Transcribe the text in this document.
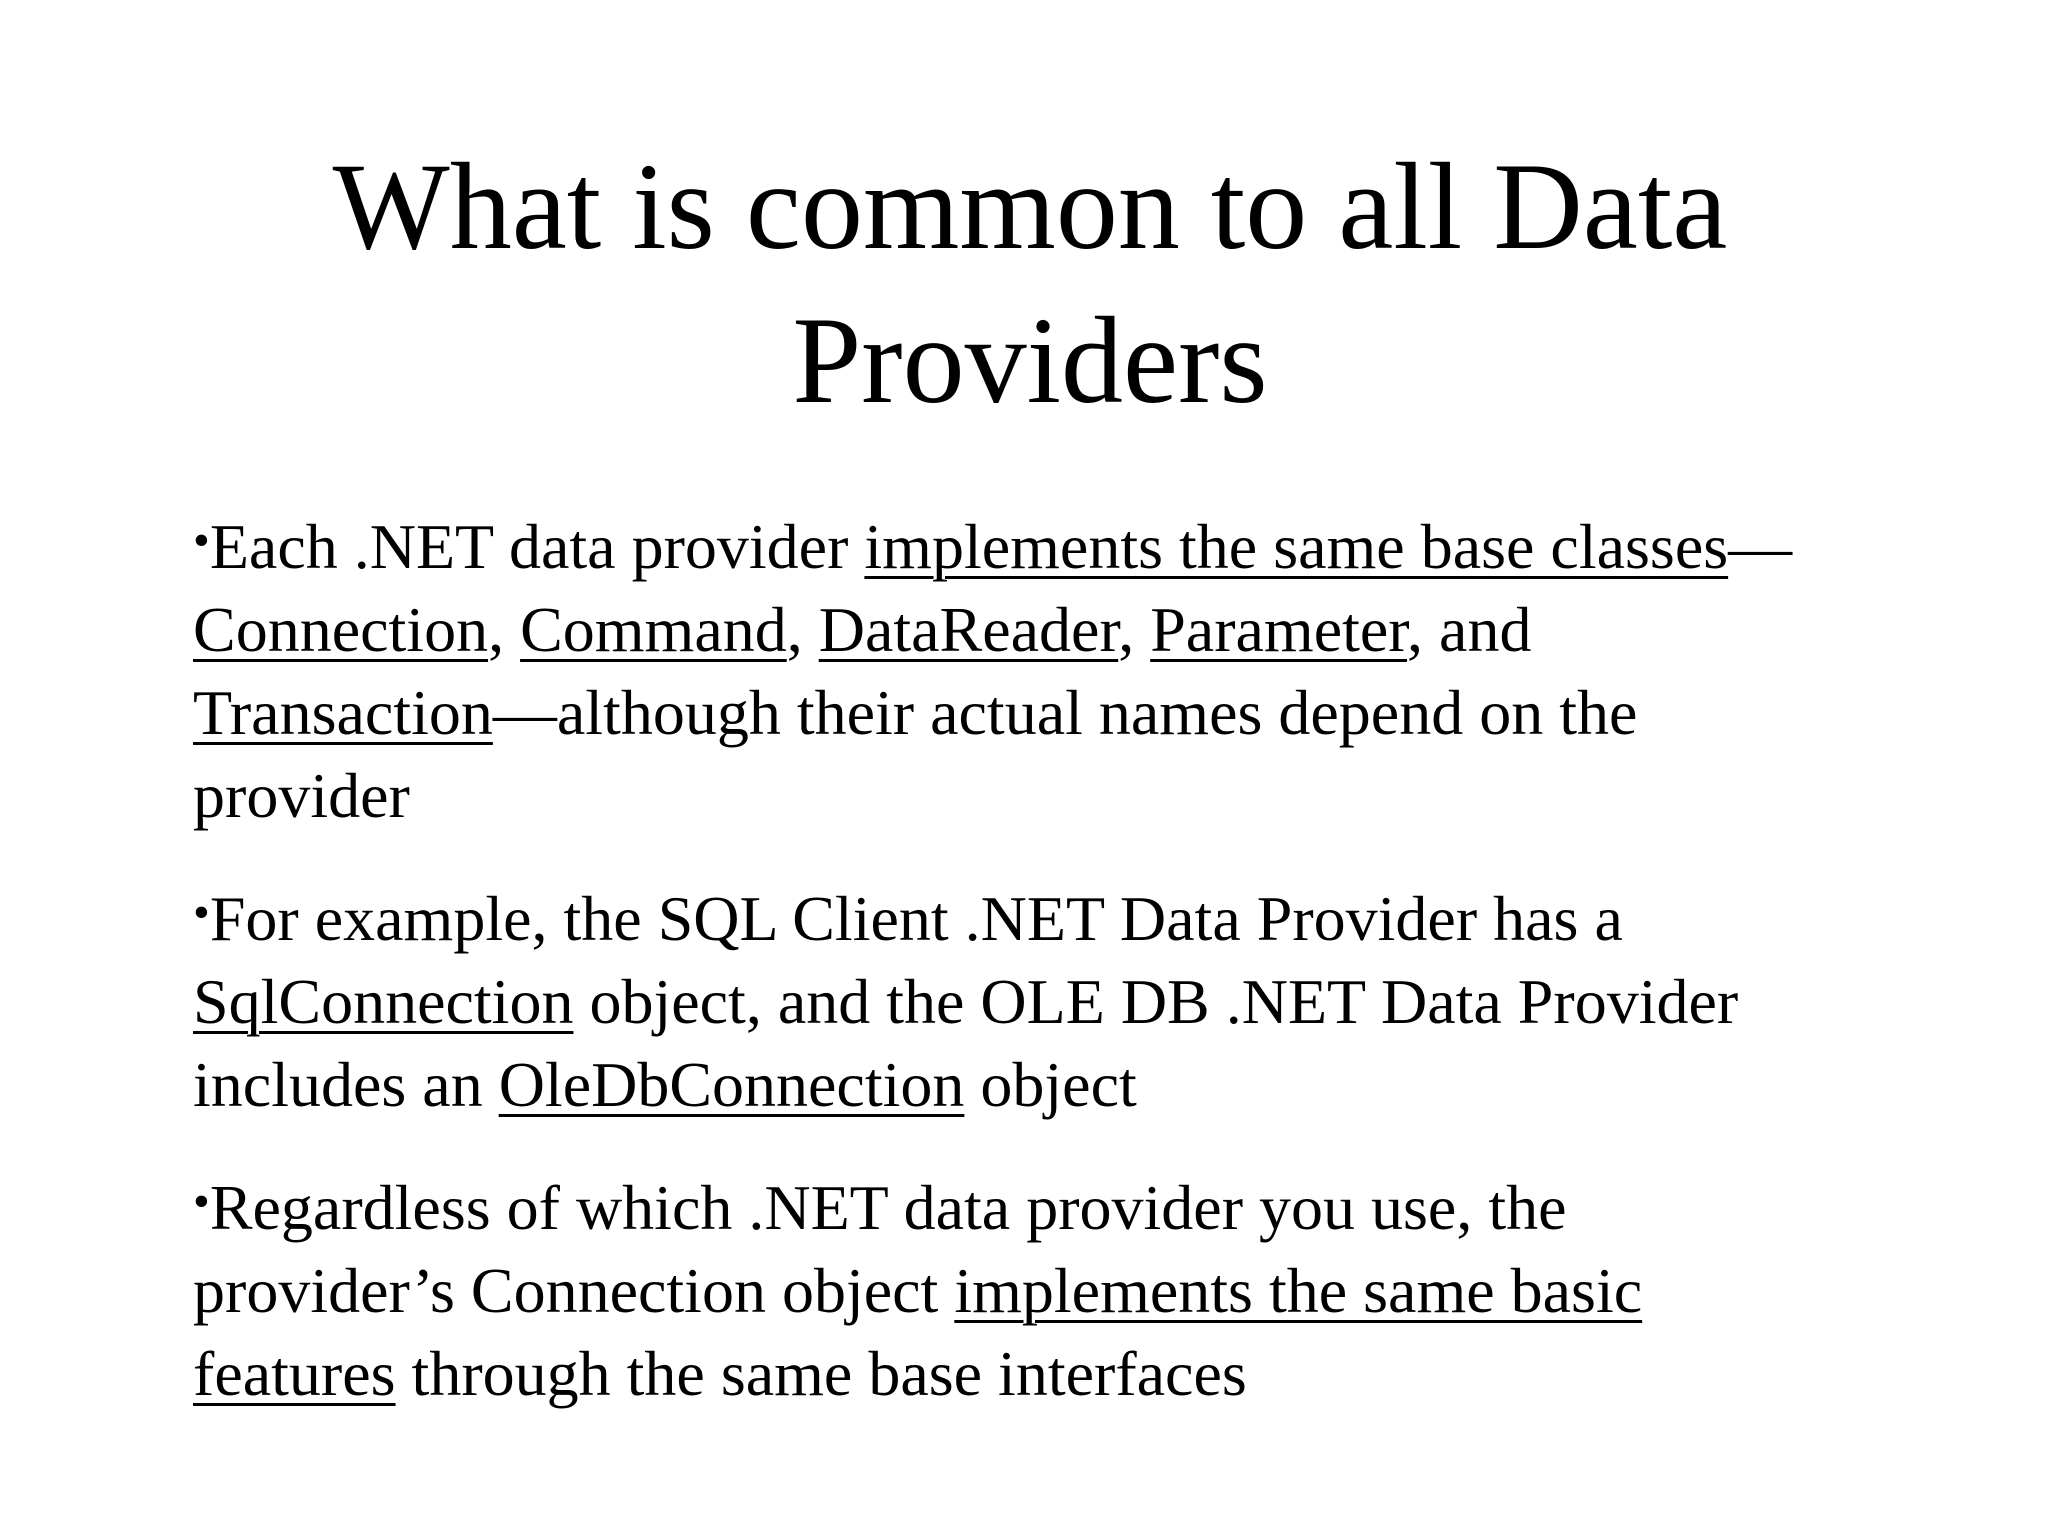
What is common to all Data
Providers
•Each .NET data provider implements the same base classes—
Connection, Command, DataReader, Parameter, and
Transaction—although their actual names depend on the
provider
•For example, the SQL Client .NET Data Provider has a
SqlConnection object, and the OLE DB .NET Data Provider
includes an OleDbConnection object
•Regardless of which .NET data provider you use, the
provider’s Connection object implements the same basic
features through the same base interfaces
